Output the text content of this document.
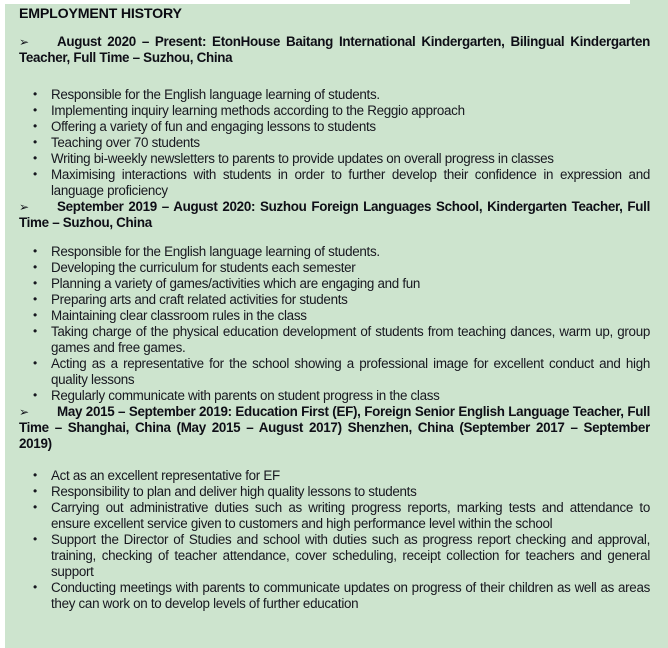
EMPLOYMENT HISTORY

➢ August 2020 – Present: EtonHouse Baitang International Kindergarten, Bilingual Kindergarten Teacher, Full Time – Suzhou, China

• Responsible for the English language learning of students.
• Implementing inquiry learning methods according to the Reggio approach
• Offering a variety of fun and engaging lessons to students
• Teaching over 70 students
• Writing bi-weekly newsletters to parents to provide updates on overall progress in classes
• Maximising interactions with students in order to further develop their confidence in expression and language proficiency

➢ September 2019 – August 2020: Suzhou Foreign Languages School, Kindergarten Teacher, Full Time – Suzhou, China

• Responsible for the English language learning of students.
• Developing the curriculum for students each semester
• Planning a variety of games/activities which are engaging and fun
• Preparing arts and craft related activities for students
• Maintaining clear classroom rules in the class
• Taking charge of the physical education development of students from teaching dances, warm up, group games and free games.
• Acting as a representative for the school showing a professional image for excellent conduct and high quality lessons
• Regularly communicate with parents on student progress in the class

➢ May 2015 – September 2019: Education First (EF), Foreign Senior English Language Teacher, Full Time – Shanghai, China (May 2015 – August 2017) Shenzhen, China (September 2017 – September 2019)

• Act as an excellent representative for EF
• Responsibility to plan and deliver high quality lessons to students
• Carrying out administrative duties such as writing progress reports, marking tests and attendance to ensure excellent service given to customers and high performance level within the school
• Support the Director of Studies and school with duties such as progress report checking and approval, training, checking of teacher attendance, cover scheduling, receipt collection for teachers and general support
• Conducting meetings with parents to communicate updates on progress of their children as well as areas they can work on to develop levels of further education
